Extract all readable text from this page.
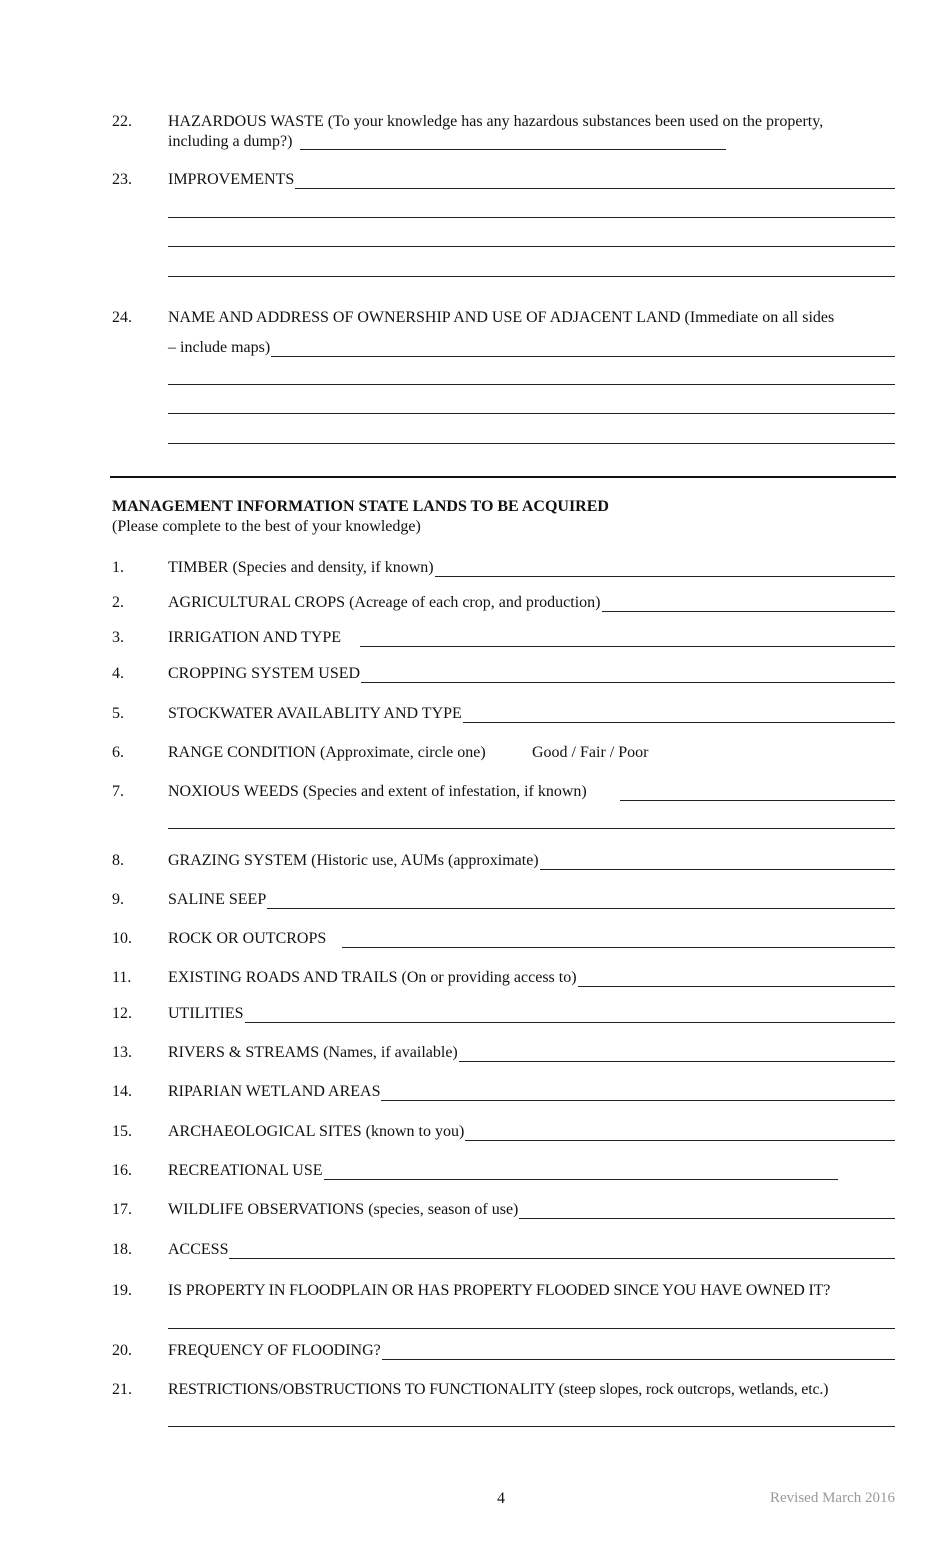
22. HAZARDOUS WASTE (To your knowledge has any hazardous substances been used on the property,
including a dump?)
23. IMPROVEMENTS
24. NAME AND ADDRESS OF OWNERSHIP AND USE OF ADJACENT LAND (Immediate on all sides
– include maps)
MANAGEMENT INFORMATION STATE LANDS TO BE ACQUIRED
(Please complete to the best of your knowledge)
1.	TIMBER (Species and density, if known)
2.	AGRICULTURAL CROPS (Acreage of each crop, and production)
3.	IRRIGATION AND TYPE
4.	CROPPING SYSTEM USED
5.	STOCKWATER AVAILABLITY AND TYPE
6.	RANGE CONDITION (Approximate, circle one)	Good / Fair / Poor
7.	NOXIOUS WEEDS (Species and extent of infestation, if known)
8.	GRAZING SYSTEM (Historic use, AUMs (approximate)
9.	SALINE SEEP
10. ROCK OR OUTCROPS
11. EXISTING ROADS AND TRAILS (On or providing access to)
12. UTILITIES
13. RIVERS & STREAMS (Names, if available)
14. RIPARIAN WETLAND AREAS
15. ARCHAEOLOGICAL SITES (known to you)
16. RECREATIONAL USE
17. WILDLIFE OBSERVATIONS (species, season of use)
18. ACCESS
19. IS PROPERTY IN FLOODPLAIN OR HAS PROPERTY FLOODED SINCE YOU HAVE OWNED IT?
20. FREQUENCY OF FLOODING?
21. RESTRICTIONS/OBSTRUCTIONS TO FUNCTIONALITY (steep slopes, rock outcrops, wetlands, etc.)
4	Revised March 2016
